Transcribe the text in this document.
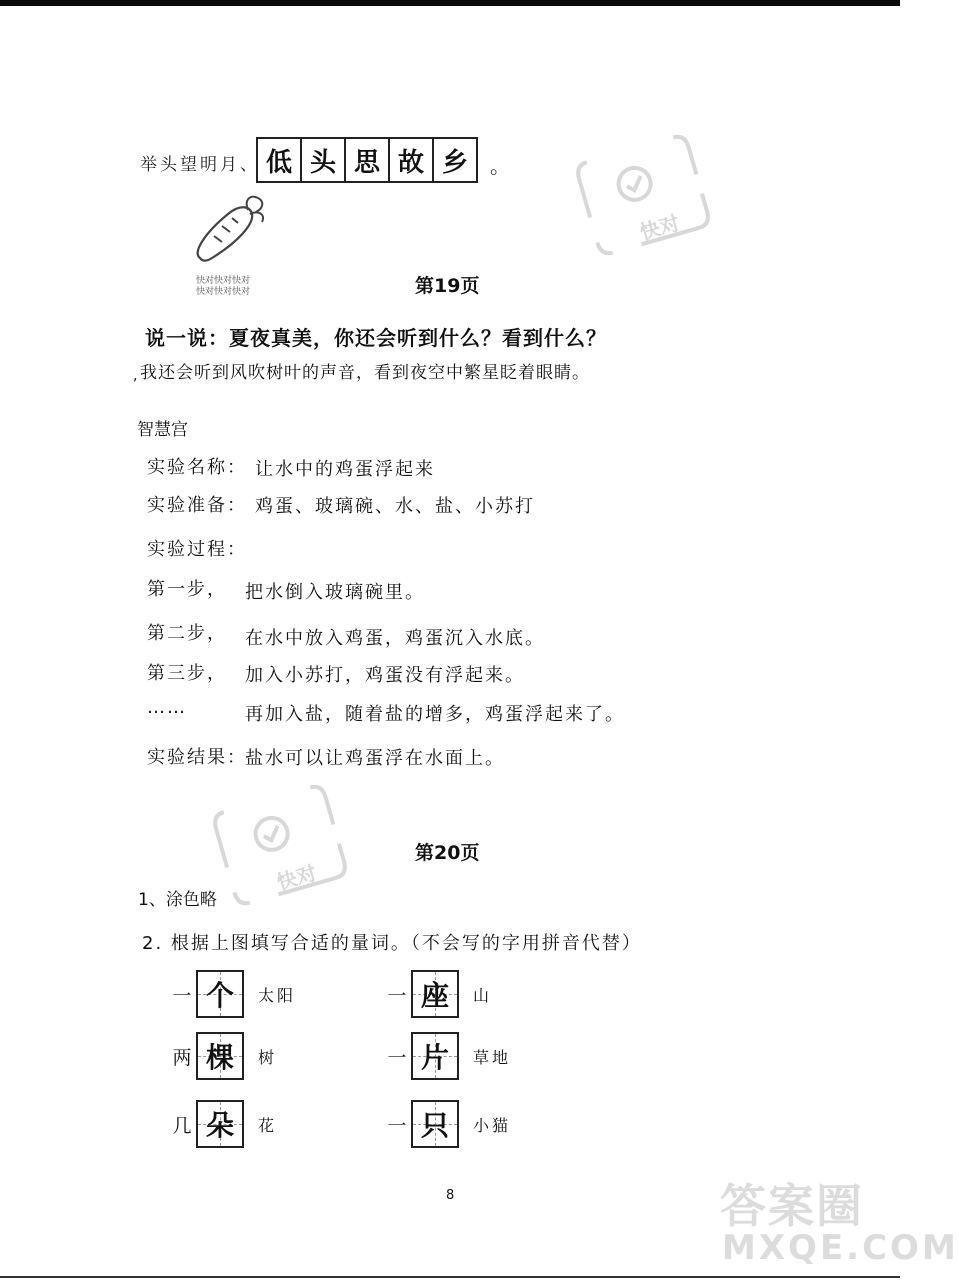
举头望明月、 低 头 思 故 乡	。
快对快对快对
快对快对快对
快对
快对
第19页
说一说：夏夜真美，你还会听到什么？看到什么？
, 我还会听到风吹树叶的声音，看到夜空中繁星眨着眼睛。
智慧宫
实验名称： 让水中的鸡蛋浮起来
实验准备： 鸡蛋、玻璃碗、水、盐、小苏打
实验过程：
第一步， 把水倒入玻璃碗里。
第二步， 在水中放入鸡蛋，鸡蛋沉入水底。
第三步， 加入小苏打，鸡蛋没有浮起来。
……	再加入盐，随着盐的增多，鸡蛋浮起来了。
实验结果：
盐水可以让鸡蛋浮在水面上。
第20页
1、涂色略
2. 根据上图填写合适的量词。（不会写的字用拼音代替）
一 个 太阳	一 座 山
两 棵 树	一 片 草地
几 朵 花	一 只 小猫
8	答案圈
MXQE.COM
